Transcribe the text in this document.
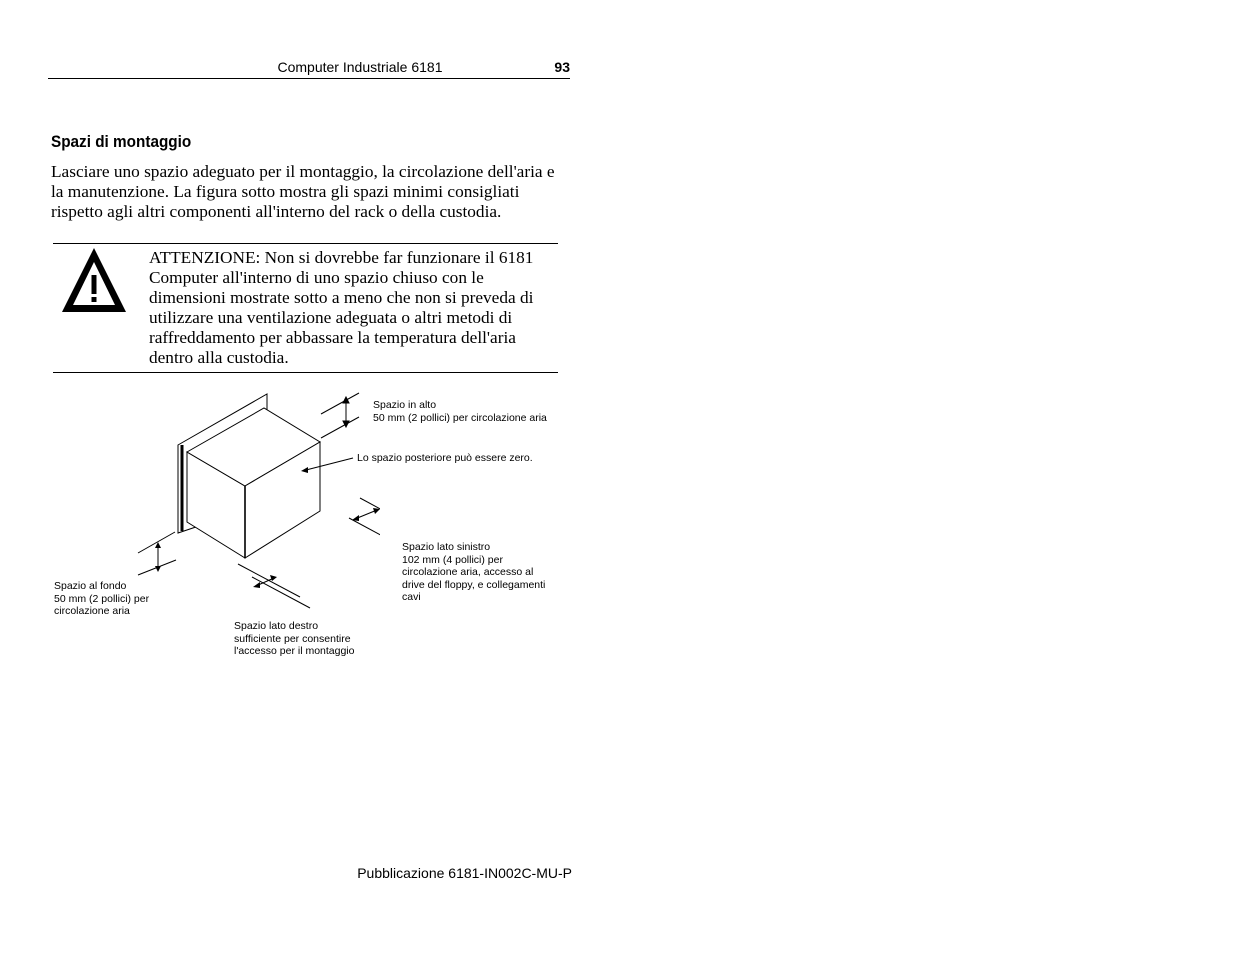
Computer Industriale 6181	93
Spazi di montaggio
Lasciare uno spazio adeguato per il montaggio, la circolazione dell'aria e la manutenzione. La figura sotto mostra gli spazi minimi consigliati rispetto agli altri componenti all'interno del rack o della custodia.
ATTENZIONE: Non si dovrebbe far funzionare il 6181 Computer all'interno di uno spazio chiuso con le dimensioni mostrate sotto a meno che non si preveda di utilizzare una ventilazione adeguata o altri metodi di raffreddamento per abbassare la temperatura dell'aria dentro alla custodia.
Spazio in alto
50 mm (2 pollici) per circolazione aria
Lo spazio posteriore può essere zero.
Spazio lato sinistro
102 mm (4 pollici) per
circolazione aria, accesso al
drive del floppy, e collegamenti
cavi
Spazio al fondo
50 mm (2 pollici) per
circolazione aria
Spazio lato destro
sufficiente per consentire
l'accesso per il montaggio
Pubblicazione 6181-IN002C-MU-P
